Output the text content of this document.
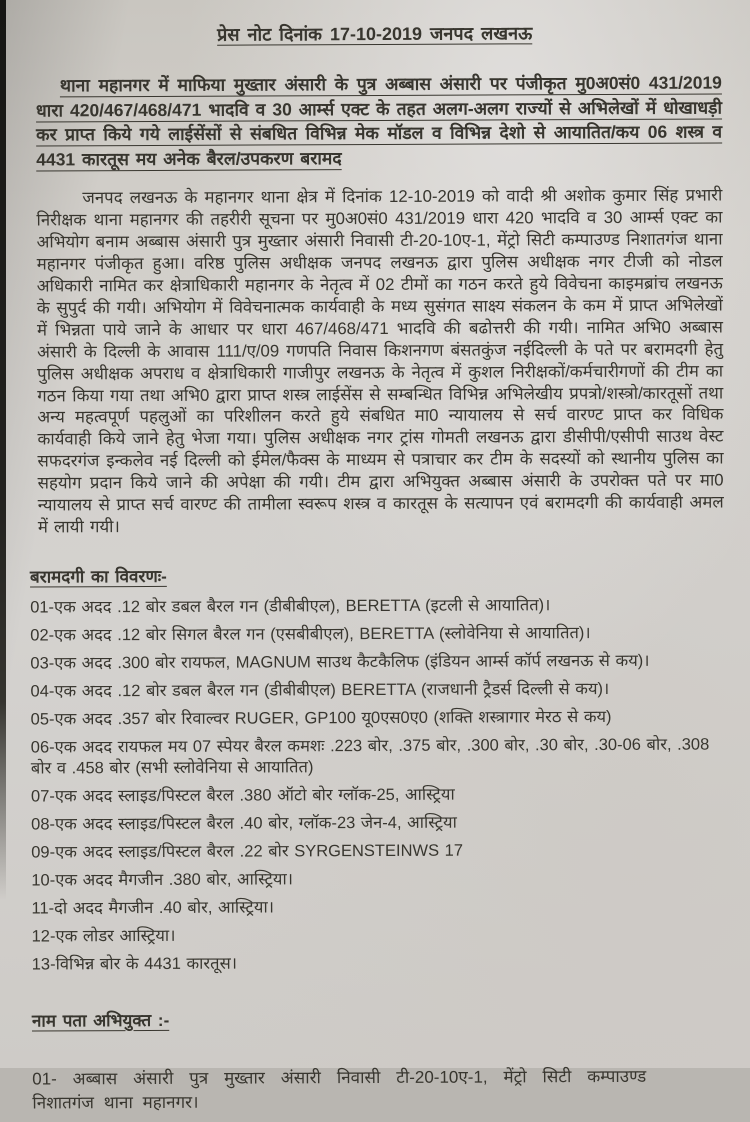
प्रेस नोट दिनांक 17-10-2019 जनपद लखनऊ

थाना महानगर में माफिया मुख्तार अंसारी के पुत्र अब्बास अंसारी पर पंजीकृत मु0अ0सं0 431/2019 धारा 420/467/468/471 भादवि व 30 आर्म्स एक्ट के तहत अलग-अलग राज्यों से अभिलेखों में धोखाधड़ी कर प्राप्त किये गये लाईसेंसों से संबधित विभिन्न मेक मॉडल व विभिन्न देशो से आयातित/कय 06 शस्त्र व 4431 कारतूस मय अनेक बैरल/उपकरण बरामद

जनपद लखनऊ के महानगर थाना क्षेत्र में दिनांक 12-10-2019 को वादी श्री अशोक कुमार सिंह प्रभारी निरीक्षक थाना महानगर की तहरीरी सूचना पर मु0अ0सं0 431/2019 धारा 420 भादवि व 30 आर्म्स एक्ट का अभियोग बनाम अब्बास अंसारी पुत्र मुख्तार अंसारी निवासी टी-20-10ए-1, मेंट्रो सिटी कम्पाउण्ड निशातगंज थाना महानगर पंजीकृत हुआ। वरिष्ठ पुलिस अधीक्षक जनपद लखनऊ द्वारा पुलिस अधीक्षक नगर टीजी को नोडल अधिकारी नामित कर क्षेत्राधिकारी महानगर के नेतृत्व में 02 टीमों का गठन करते हुये विवेचना काइमब्रांच लखनऊ के सुपुर्द की गयी। अभियोग में विवेचनात्मक कार्यवाही के मध्य सुसंगत साक्ष्य संकलन के कम में प्राप्त अभिलेखों में भिन्नता पाये जाने के आधार पर धारा 467/468/471 भादवि की बढोत्तरी की गयी। नामित अभि0 अब्बास अंसारी के दिल्ली के आवास 111/ए/09 गणपति निवास किशनगण बंसतकुंज नईदिल्ली के पते पर बरामदगी हेतु पुलिस अधीक्षक अपराध व क्षेत्राधिकारी गाजीपुर लखनऊ के नेतृत्व में कुशल निरीक्षकों/कर्मचारीगणों की टीम का गठन किया गया तथा अभि0 द्वारा प्राप्त शस्त्र लाईसेंस से सम्बन्धित विभिन्न अभिलेखीय प्रपत्रो/शस्त्रो/कारतूसों तथा अन्य महत्वपूर्ण पहलुओं का परिशीलन करते हुये संबधित मा0 न्यायालय से सर्च वारण्ट प्राप्त कर विधिक कार्यवाही किये जाने हेतु भेजा गया। पुलिस अधीक्षक नगर ट्रांस गोमती लखनऊ द्वारा डीसीपी/एसीपी साउथ वेस्ट सफदरगंज इन्कलेव नई दिल्ली को ईमेल/फैक्स के माध्यम से पत्राचार कर टीम के सदस्यों को स्थानीय पुलिस का सहयोग प्रदान किये जाने की अपेक्षा की गयी। टीम द्वारा अभियुक्त अब्बास अंसारी के उपरोक्त पते पर मा0 न्यायालय से प्राप्त सर्च वारण्ट की तामीला स्वरूप शस्त्र व कारतूस के सत्यापन एवं बरामदगी की कार्यवाही अमल में लायी गयी।

बरामदगी का विवरणः-
01-एक अदद .12 बोर डबल बैरल गन (डीबीबीएल), BERETTA (इटली से आयातित)।
02-एक अदद .12 बोर सिगल बैरल गन (एसबीबीएल), BERETTA (स्लोवेनिया से आयातित)।
03-एक अदद .300 बोर रायफल, MAGNUM साउथ कैटकैलिफ (इंडियन आर्म्स कॉर्प लखनऊ से कय)।
04-एक अदद .12 बोर डबल बैरल गन (डीबीबीएल) BERETTA (राजधानी ट्रैडर्स दिल्ली से कय)।
05-एक अदद .357 बोर रिवाल्वर RUGER, GP100 यू0एस0ए0 (शक्ति शस्त्रागार मेरठ से कय)
06-एक अदद रायफल मय 07 स्पेयर बैरल कमशः .223 बोर, .375 बोर, .300 बोर, .30 बोर, .30-06 बोर, .308 बोर व .458 बोर (सभी स्लोवेनिया से आयातित)
07-एक अदद स्लाइड/पिस्टल बैरल .380 ऑटो बोर ग्लॉक-25, आस्ट्रिया
08-एक अदद स्लाइड/पिस्टल बैरल .40 बोर, ग्लॉक-23 जेन-4, आस्ट्रिया
09-एक अदद स्लाइड/पिस्टल बैरल .22 बोर SYRGENSTEINWS 17
10-एक अदद मैगजीन .380 बोर, आस्ट्रिया।
11-दो अदद मैगजीन .40 बोर, आस्ट्रिया।
12-एक लोडर आस्ट्रिया।
13-विभिन्न बोर के 4431 कारतूस।
नाम पता अभियुक्त :-
01- अब्बास अंसारी पुत्र मुख्तार अंसारी निवासी टी-20-10ए-1, मेंट्रो सिटी कम्पाउण्ड निशातगंज थाना महानगर।
